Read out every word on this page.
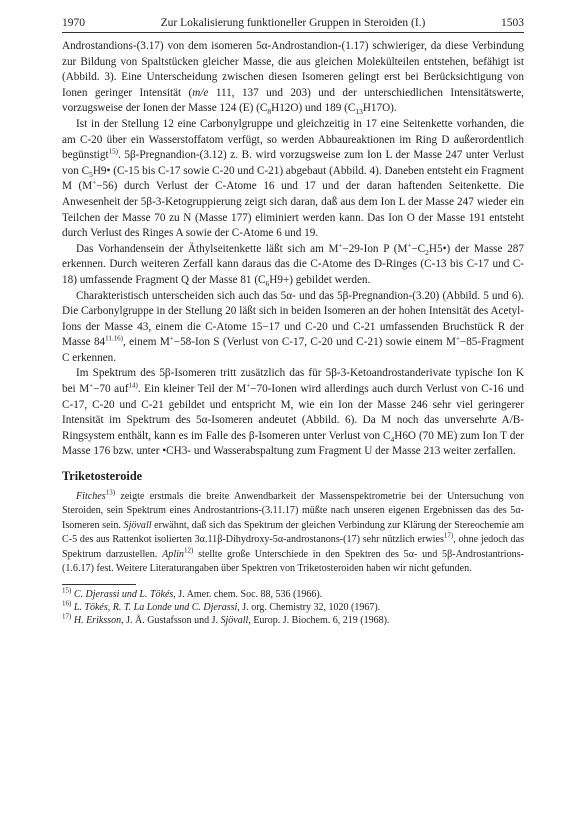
1970	Zur Lokalisierung funktioneller Gruppen in Steroiden (I.)	1503

Androstandions-(3.17) von dem isomeren 5α-Androstandion-(1.17) schwieriger, da diese Verbindung zur Bildung von Spaltstücken gleicher Masse, die aus gleichen Molekülteilen entstehen, befähigt ist (Abbild. 3). Eine Unterscheidung zwischen diesen Isomeren gelingt erst bei Berücksichtigung von Ionen geringer Intensität (m/e 111, 137 und 203) und der unterschiedlichen Intensitätswerte, vorzugsweise der Ionen der Masse 124 (E) $(C_8H12O)$ und 189 $(C_{13}H17O)$.

Ist in der Stellung 12 eine Carbonylgruppe und gleichzeitig in 17 eine Seitenkette vorhanden, die am C-20 über ein Wasserstoffatom verfügt, so werden Abbaureaktionen im Ring D außerordentlich begünstigt$^{15)}$. 5β-Pregnandion-(3.12) z. B. wird vorzugsweise zum Ion L der Masse 247 unter Verlust von $C_5H9•$ (C-15 bis C-17 sowie C-20 und C-21) abgebaut (Abbild. 4). Daneben entsteht ein Fragment M (M+−56) durch Verlust der C-Atome 16 und 17 und der daran haftenden Seitenkette. Die Anwesenheit der 5β-3-Ketogruppierung zeigt sich daran, daß aus dem Ion L der Masse 247 wieder ein Teilchen der Masse 70 zu N (Masse 177) eliminiert werden kann. Das Ion O der Masse 191 entsteht durch Verlust des Ringes A sowie der C-Atome 6 und 19.

Das Vorhandensein der Äthylseitenkette läßt sich am M+−29-Ion P $(M^+-C_2H5•)$ der Masse 287 erkennen. Durch weiteren Zerfall kann daraus das die C-Atome des D-Ringes (C-13 bis C-17 und C-18) umfassende Fragment Q der Masse 81 $(C_6H9+)$ gebildet werden.

Charakteristisch unterscheiden sich auch das 5α- und das 5β-Pregnandion-(3.20) (Abbild. 5 und 6). Die Carbonylgruppe in der Stellung 20 läßt sich in beiden Isomeren an der hohen Intensität des Acetyl-Ions der Masse 43, einem die C-Atome 15−17 und C-20 und C-21 umfassenden Bruchstück R der Masse $84^{11.16)}$, einem M+−58-Ion S (Verlust von C-17, C-20 und C-21) sowie einem M+−85-Fragment C erkennen.

Im Spektrum des 5β-Isomeren tritt zusätzlich das für 5β-3-Ketoandrostanderivate typische Ion K bei M+−70 auf$^{14)}$. Ein kleiner Teil der M+−70-Ionen wird allerdings auch durch Verlust von C-16 und C-17, C-20 und C-21 gebildet und entspricht M, wie ein Ion der Masse 246 sehr viel geringerer Intensität im Spektrum des 5α-Isomeren andeutet (Abbild. 6). Da M noch das unversehrte A/B-Ringsystem enthält, kann es im Falle des β-Isomeren unter Verlust von $C_4H6O$ (70 ME) zum Ion T der Masse 176 bzw. unter •CH3- und Wasserabspaltung zum Fragment U der Masse 213 weiter zerfallen.

Triketosteroide

Fitches$^{13)}$ zeigte erstmals die breite Anwendbarkeit der Massenspektrometrie bei der Untersuchung von Steroiden, sein Spektrum eines Androstantrions-(3.11.17) müßte nach unseren eigenen Ergebnissen das des 5α-Isomeren sein. Sjövall erwähnt, daß sich das Spektrum der gleichen Verbindung zur Klärung der Stereochemie am C-5 des aus Rattenkot isolierten 3α.11β-Dihydroxy-5α-androstanons-(17) sehr nützlich erwies$^{17)}$, ohne jedoch das Spektrum darzustellen. Aplin$^{12)}$ stellte große Unterschiede in den Spektren des 5α- und 5β-Androstantrions-(1.6.17) fest. Weitere Literaturangaben über Spektren von Triketosteroiden haben wir nicht gefunden.

$^{15)}$ C. Djerassi und L. Tökés, J. Amer. chem. Soc. 88, 536 (1966).

$^{16)}$ L. Tökés, R. T. La Londe und C. Djerassi, J. org. Chemistry 32, 1020 (1967).

$^{17)}$ H. Eriksson, J. Å. Gustafsson und J. Sjövall, Europ. J. Biochem. 6, 219 (1968).
